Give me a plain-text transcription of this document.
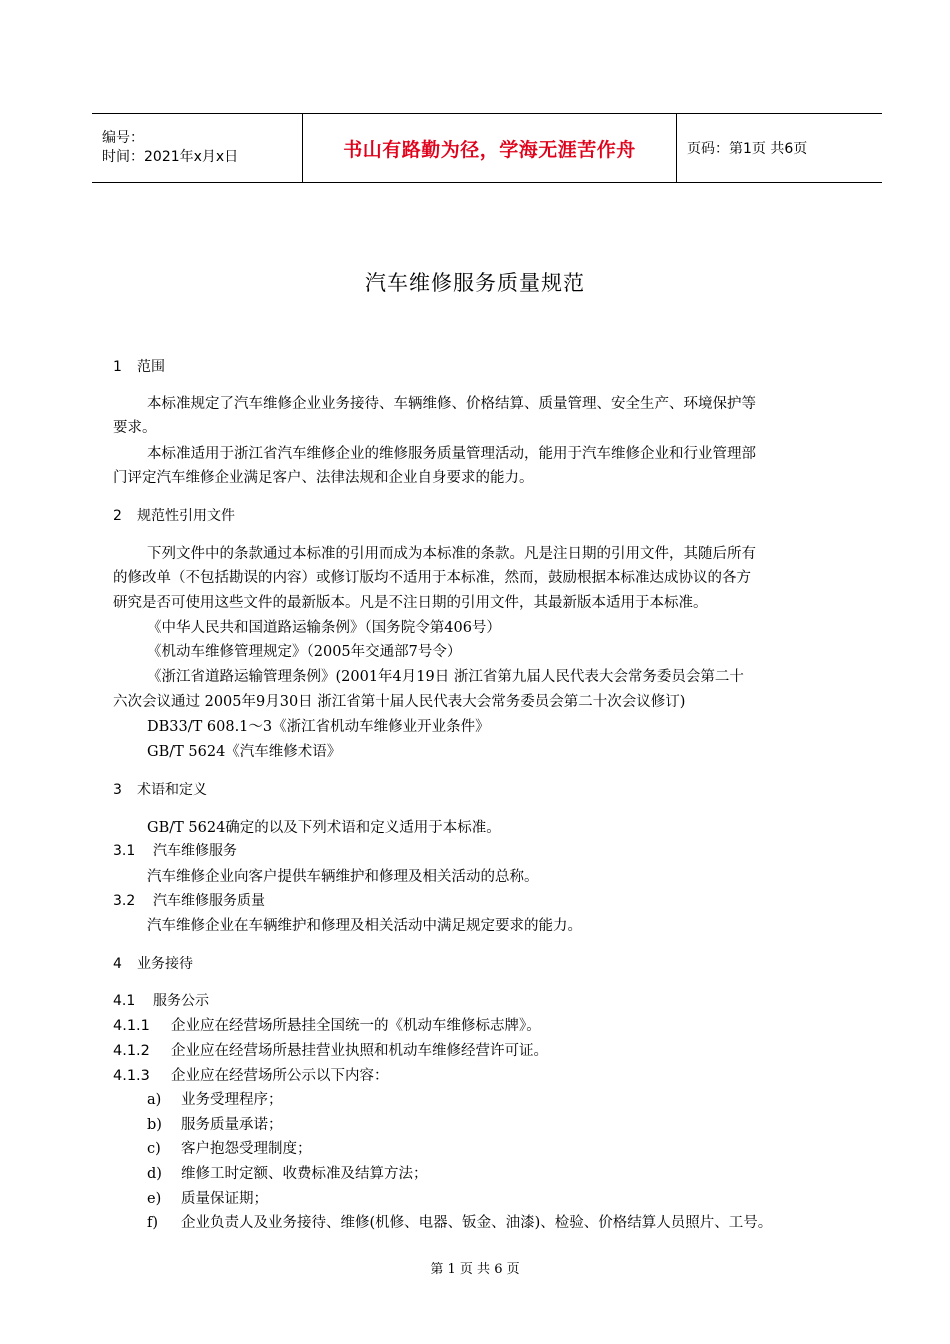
编号：
时间：2021年x月x日	书山有路勤为径，学海无涯苦作舟	页码：第1页 共6页
汽车维修服务质量规范
1 范围
本标准规定了汽车维修企业业务接待、车辆维修、价格结算、质量管理、安全生产、环境保护等
要求。
本标准适用于浙江省汽车维修企业的维修服务质量管理活动，能用于汽车维修企业和行业管理部
门评定汽车维修企业满足客户、法律法规和企业自身要求的能力。
2 规范性引用文件
下列文件中的条款通过本标准的引用而成为本标准的条款。凡是注日期的引用文件，其随后所有
的修改单（不包括勘误的内容）或修订版均不适用于本标准，然而，鼓励根据本标准达成协议的各方
研究是否可使用这些文件的最新版本。凡是不注日期的引用文件，其最新版本适用于本标准。
《中华人民共和国道路运输条例》（国务院令第406号）
《机动车维修管理规定》（2005年交通部7号令）
《浙江省道路运输管理条例》(2001年4月19日 浙江省第九届人民代表大会常务委员会第二十
六次会议通过 2005年9月30日 浙江省第十届人民代表大会常务委员会第二十次会议修订)
DB33/T 608.1～3《浙江省机动车维修业开业条件》
GB/T 5624《汽车维修术语》
3 术语和定义
GB/T 5624确定的以及下列术语和定义适用于本标准。
3.1 汽车维修服务
汽车维修企业向客户提供车辆维护和修理及相关活动的总称。
3.2 汽车维修服务质量
汽车维修企业在车辆维护和修理及相关活动中满足规定要求的能力。
4 业务接待
4.1 服务公示
4.1.1 企业应在经营场所悬挂全国统一的《机动车维修标志牌》。
4.1.2 企业应在经营场所悬挂营业执照和机动车维修经营许可证。
4.1.3 企业应在经营场所公示以下内容：
a) 业务受理程序；
b) 服务质量承诺；
c) 客户抱怨受理制度；
d) 维修工时定额、收费标准及结算方法；
e) 质量保证期；
f) 企业负责人及业务接待、维修(机修、电器、钣金、油漆)、检验、价格结算人员照片、工号。
第 1 页 共 6 页
